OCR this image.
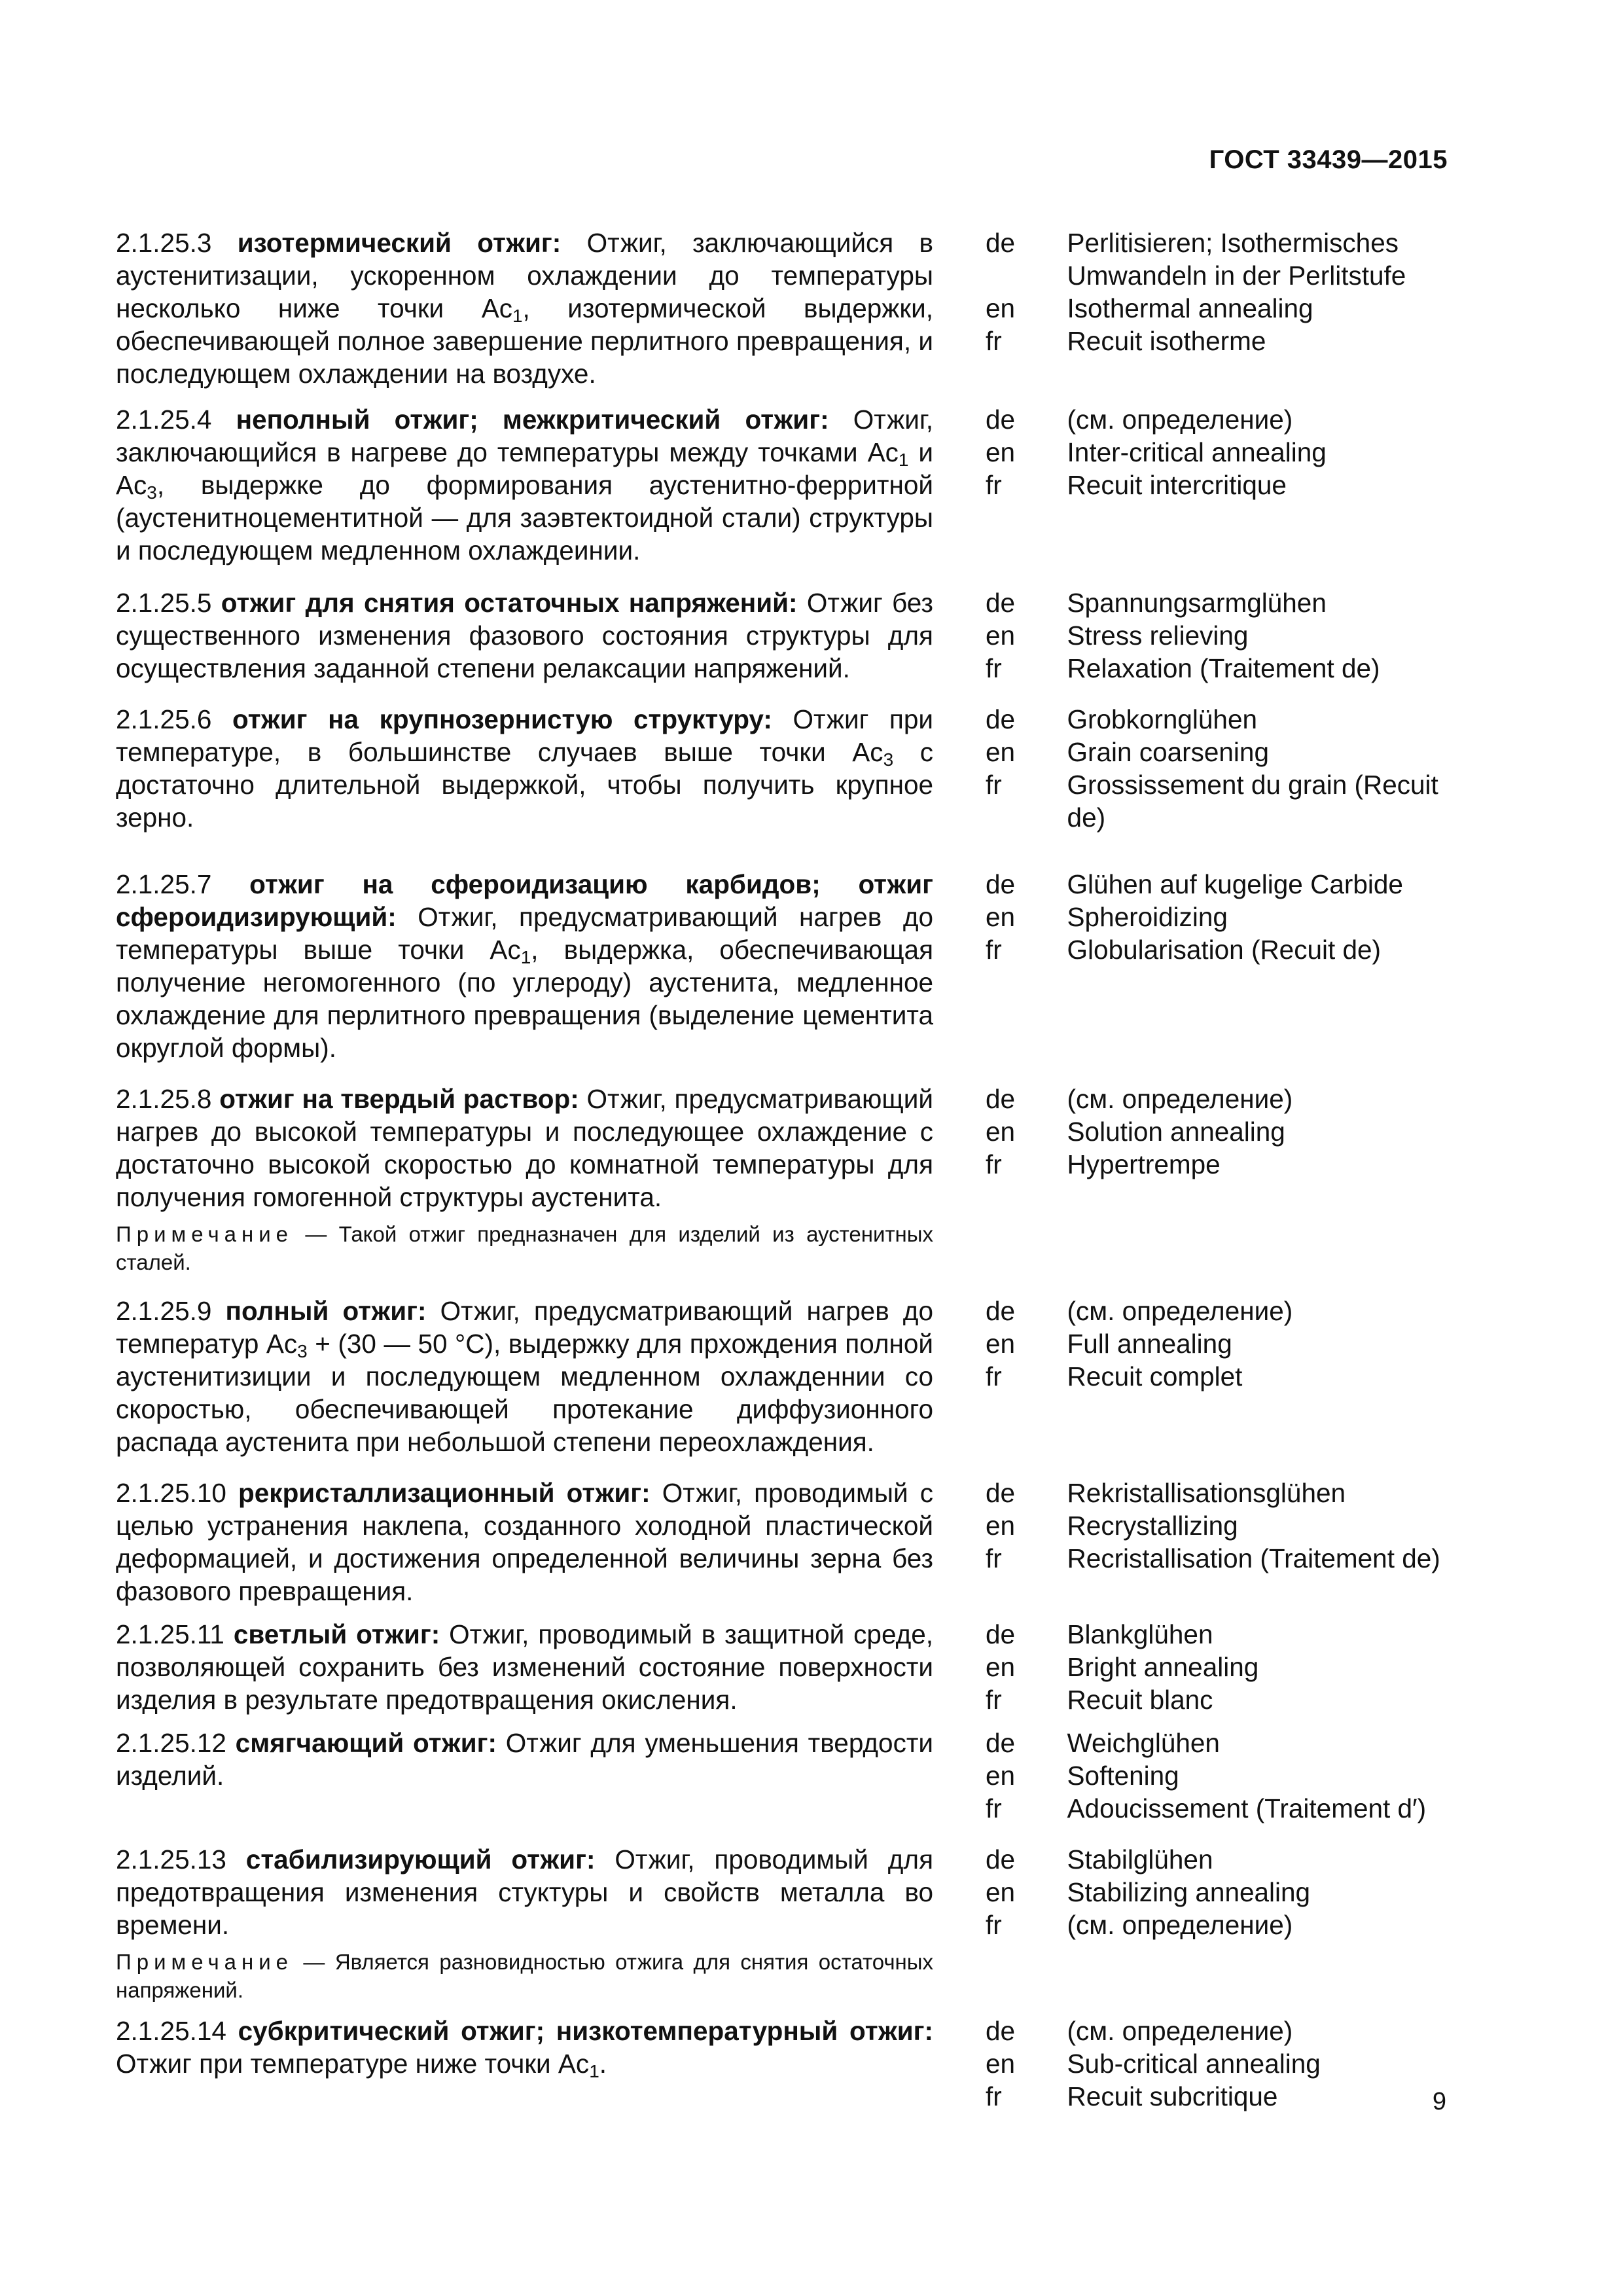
ГОСТ 33439—2015
2.1.25.3 изотермический отжиг: Отжиг, заключающийся в аустенитизации, ускоренном охлаждении до температуры несколько ниже точки $Ac_1$, изотермической выдержки, обеспечивающей полное завершение перлитного превращения, и последующем охлаждении на воздухе.
de
en
fr
Perlitisieren; Isothermisches
Umwandeln in der Perlitstufe
Isothermal annealing
Recuit isotherme
2.1.25.4 неполный отжиг; межкритический отжиг: Отжиг, заключающийся в нагреве до температуры между точками $Ac_1$ и $Ac_3$, выдержке до формирования аустенитно-ферритной (аустенитноцементитной — для заэвтектоидной стали) структуры и последующем медленном охлаждеинии.
de
en
fr
(см. определение)
Inter-critical annealing
Recuit intercritique
2.1.25.5 отжиг для снятия остаточных напряжений: Отжиг без существенного изменения фазового состояния структуры для осуществления заданной степени релаксации напряжений.
de
en
fr
Spannungsarmglühen
Stress relieving
Relaxation (Traitement de)
2.1.25.6 отжиг на крупнозернистую структуру: Отжиг при температуре, в большинстве случаев выше точки $Ac_3$ с достаточно длительной выдержкой, чтобы получить крупное зерно.
de
en
fr
Grobkornglühen
Grain coarsening
Grossissement du grain (Recuit de)
2.1.25.7 отжиг на сфероидизацию карбидов; отжиг сфероидизирующий: Отжиг, предусматривающий нагрев до температуры выше точки $Ac_1$, выдержка, обеспечивающая получение негомогенного (по углероду) аустенита, медленное охлаждение для перлитного превращения (выделение цементита округлой формы).
de
en
fr
Glühen auf kugelige Carbide
Spheroidizing
Globularisation (Recuit de)
2.1.25.8 отжиг на твердый раствор: Отжиг, предусматривающий нагрев до высокой температуры и последующее охлаждение с достаточно высокой скоростью до комнатной температуры для получения гомогенной структуры аустенита.
Примечание — Такой отжиг предназначен для изделий из аустенитных сталей.
de
en
fr
(см. определение)
Solution annealing
Hypertrempe
2.1.25.9 полный отжиг: Отжиг, предусматривающий нагрев до температур $Ac_3 + (30$ — 50 °C), выдержку для прхождения полной аустенитизиции и последующем медленном охлажденнии со скоростью, обеспечивающей протекание диффузионного распада аустенита при небольшой степени переохлаждения.
de
en
fr
(см. определение)
Full annealing
Recuit complet
2.1.25.10 рекристаллизационный отжиг: Отжиг, проводимый с целью устранения наклепа, созданного холодной пластической деформацией, и достижения определенной величины зерна без фазового превращения.
de
en
fr
Rekristallisationsglühen
Recrystallizing
Recristallisation (Traitement de)
2.1.25.11 светлый отжиг: Отжиг, проводимый в защитной среде, позволяющей сохранить без изменений состояние поверхности изделия в результате предотвращения окисления.
de
en
fr
Blankglühen
Bright annealing
Recuit blanc
2.1.25.12 смягчающий отжиг: Отжиг для уменьшения твердости изделий.
de
en
fr
Weichglühen
Softening
Adoucissement (Traitement d′)
2.1.25.13 стабилизирующий отжиг: Отжиг, проводимый для предотвращения изменения стуктуры и свойств металла во времени.
Примечание — Является разновидностью отжига для снятия остаточных напряжений.
de
en
fr
Stabilglühen
Stabilizing annealing
(см. определение)
2.1.25.14 субкритический отжиг; низкотемпературный отжиг: Отжиг при температуре ниже точки $Ac_1$.
de
en
fr
(см. определение)
Sub-critical annealing
Recuit subcritique	9
